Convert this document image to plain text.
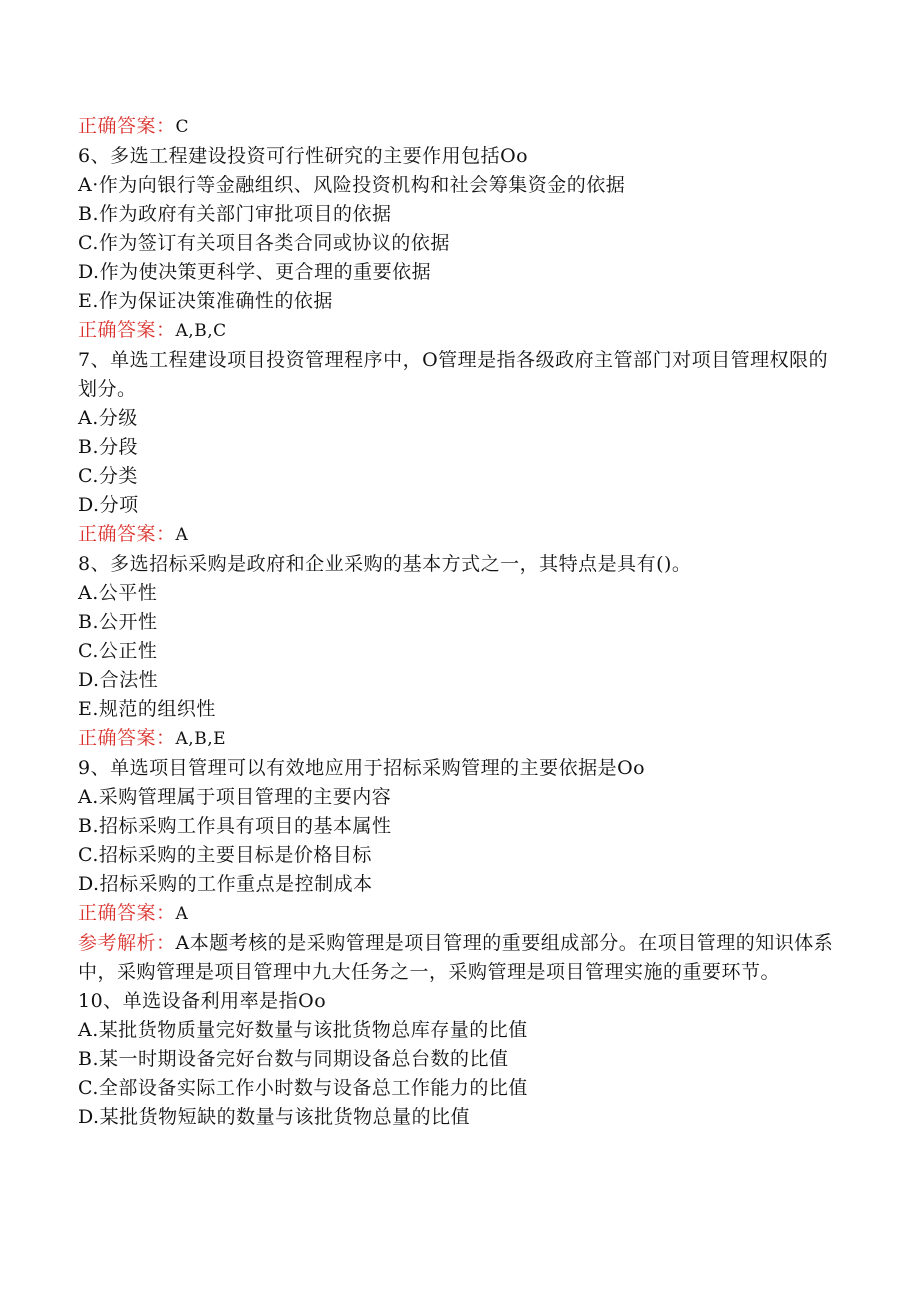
正确答案：C
6、多选工程建设投资可行性研究的主要作用包括Oo
A·作为向银行等金融组织、风险投资机构和社会筹集资金的依据
B.作为政府有关部门审批项目的依据
C.作为签订有关项目各类合同或协议的依据
D.作为使决策更科学、更合理的重要依据
E.作为保证决策准确性的依据
正确答案：A,B,C
7、单选工程建设项目投资管理程序中，O管理是指各级政府主管部门对项目管理权限的划分。
A.分级
B.分段
C.分类
D.分项
正确答案：A
8、多选招标采购是政府和企业采购的基本方式之一，其特点是具有()。
A.公平性
B.公开性
C.公正性
D.合法性
E.规范的组织性
正确答案：A,B,E
9、单选项目管理可以有效地应用于招标采购管理的主要依据是Oo
A.采购管理属于项目管理的主要内容
B.招标采购工作具有项目的基本属性
C.招标采购的主要目标是价格目标
D.招标采购的工作重点是控制成本
正确答案：A
参考解析：A本题考核的是采购管理是项目管理的重要组成部分。在项目管理的知识体系中，采购管理是项目管理中九大任务之一，采购管理是项目管理实施的重要环节。
10、单选设备利用率是指Oo
A.某批货物质量完好数量与该批货物总库存量的比值
B.某一时期设备完好台数与同期设备总台数的比值
C.全部设备实际工作小时数与设备总工作能力的比值
D.某批货物短缺的数量与该批货物总量的比值
